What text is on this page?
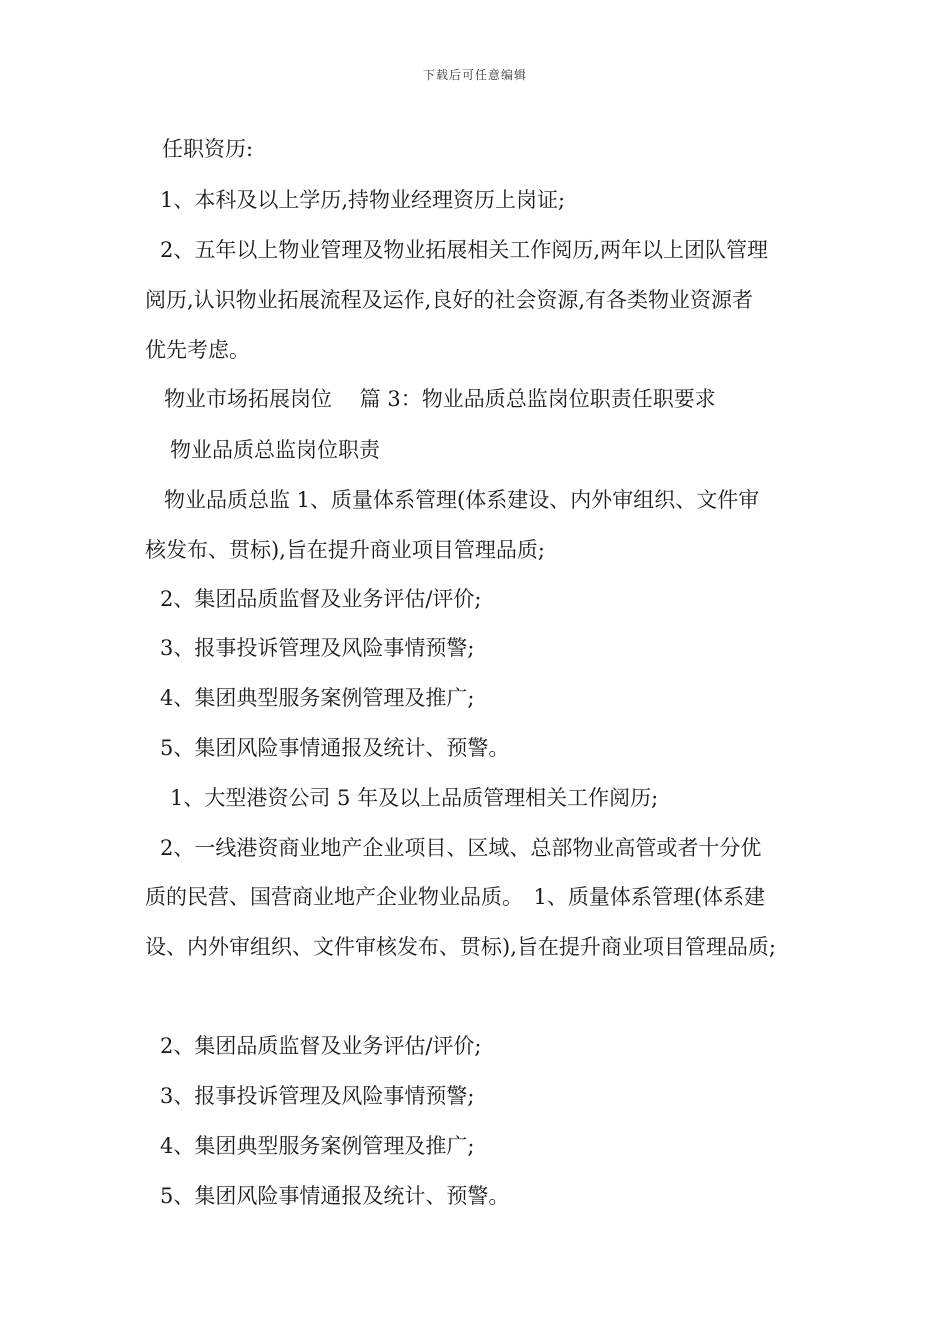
下载后可任意编辑
任职资历:
1、本科及以上学历,持物业经理资历上岗证;
2、五年以上物业管理及物业拓展相关工作阅历,两年以上团队管理
阅历,认识物业拓展流程及运作,良好的社会资源,有各类物业资源者
优先考虑。
物业市场拓展岗位　 篇 3：物业品质总监岗位职责任职要求
物业品质总监岗位职责
物业品质总监 1、质量体系管理(体系建设、内外审组织、文件审
核发布、贯标),旨在提升商业项目管理品质;
2、集团品质监督及业务评估/评价;
3、报事投诉管理及风险事情预警;
4、集团典型服务案例管理及推广;
5、集团风险事情通报及统计、预警。
1、大型港资公司 5 年及以上品质管理相关工作阅历;
2、一线港资商业地产企业项目、区域、总部物业高管或者十分优
质的民营、国营商业地产企业物业品质。　1、质量体系管理(体系建
设、内外审组织、文件审核发布、贯标),旨在提升商业项目管理品质;
2、集团品质监督及业务评估/评价;
3、报事投诉管理及风险事情预警;
4、集团典型服务案例管理及推广;
5、集团风险事情通报及统计、预警。
